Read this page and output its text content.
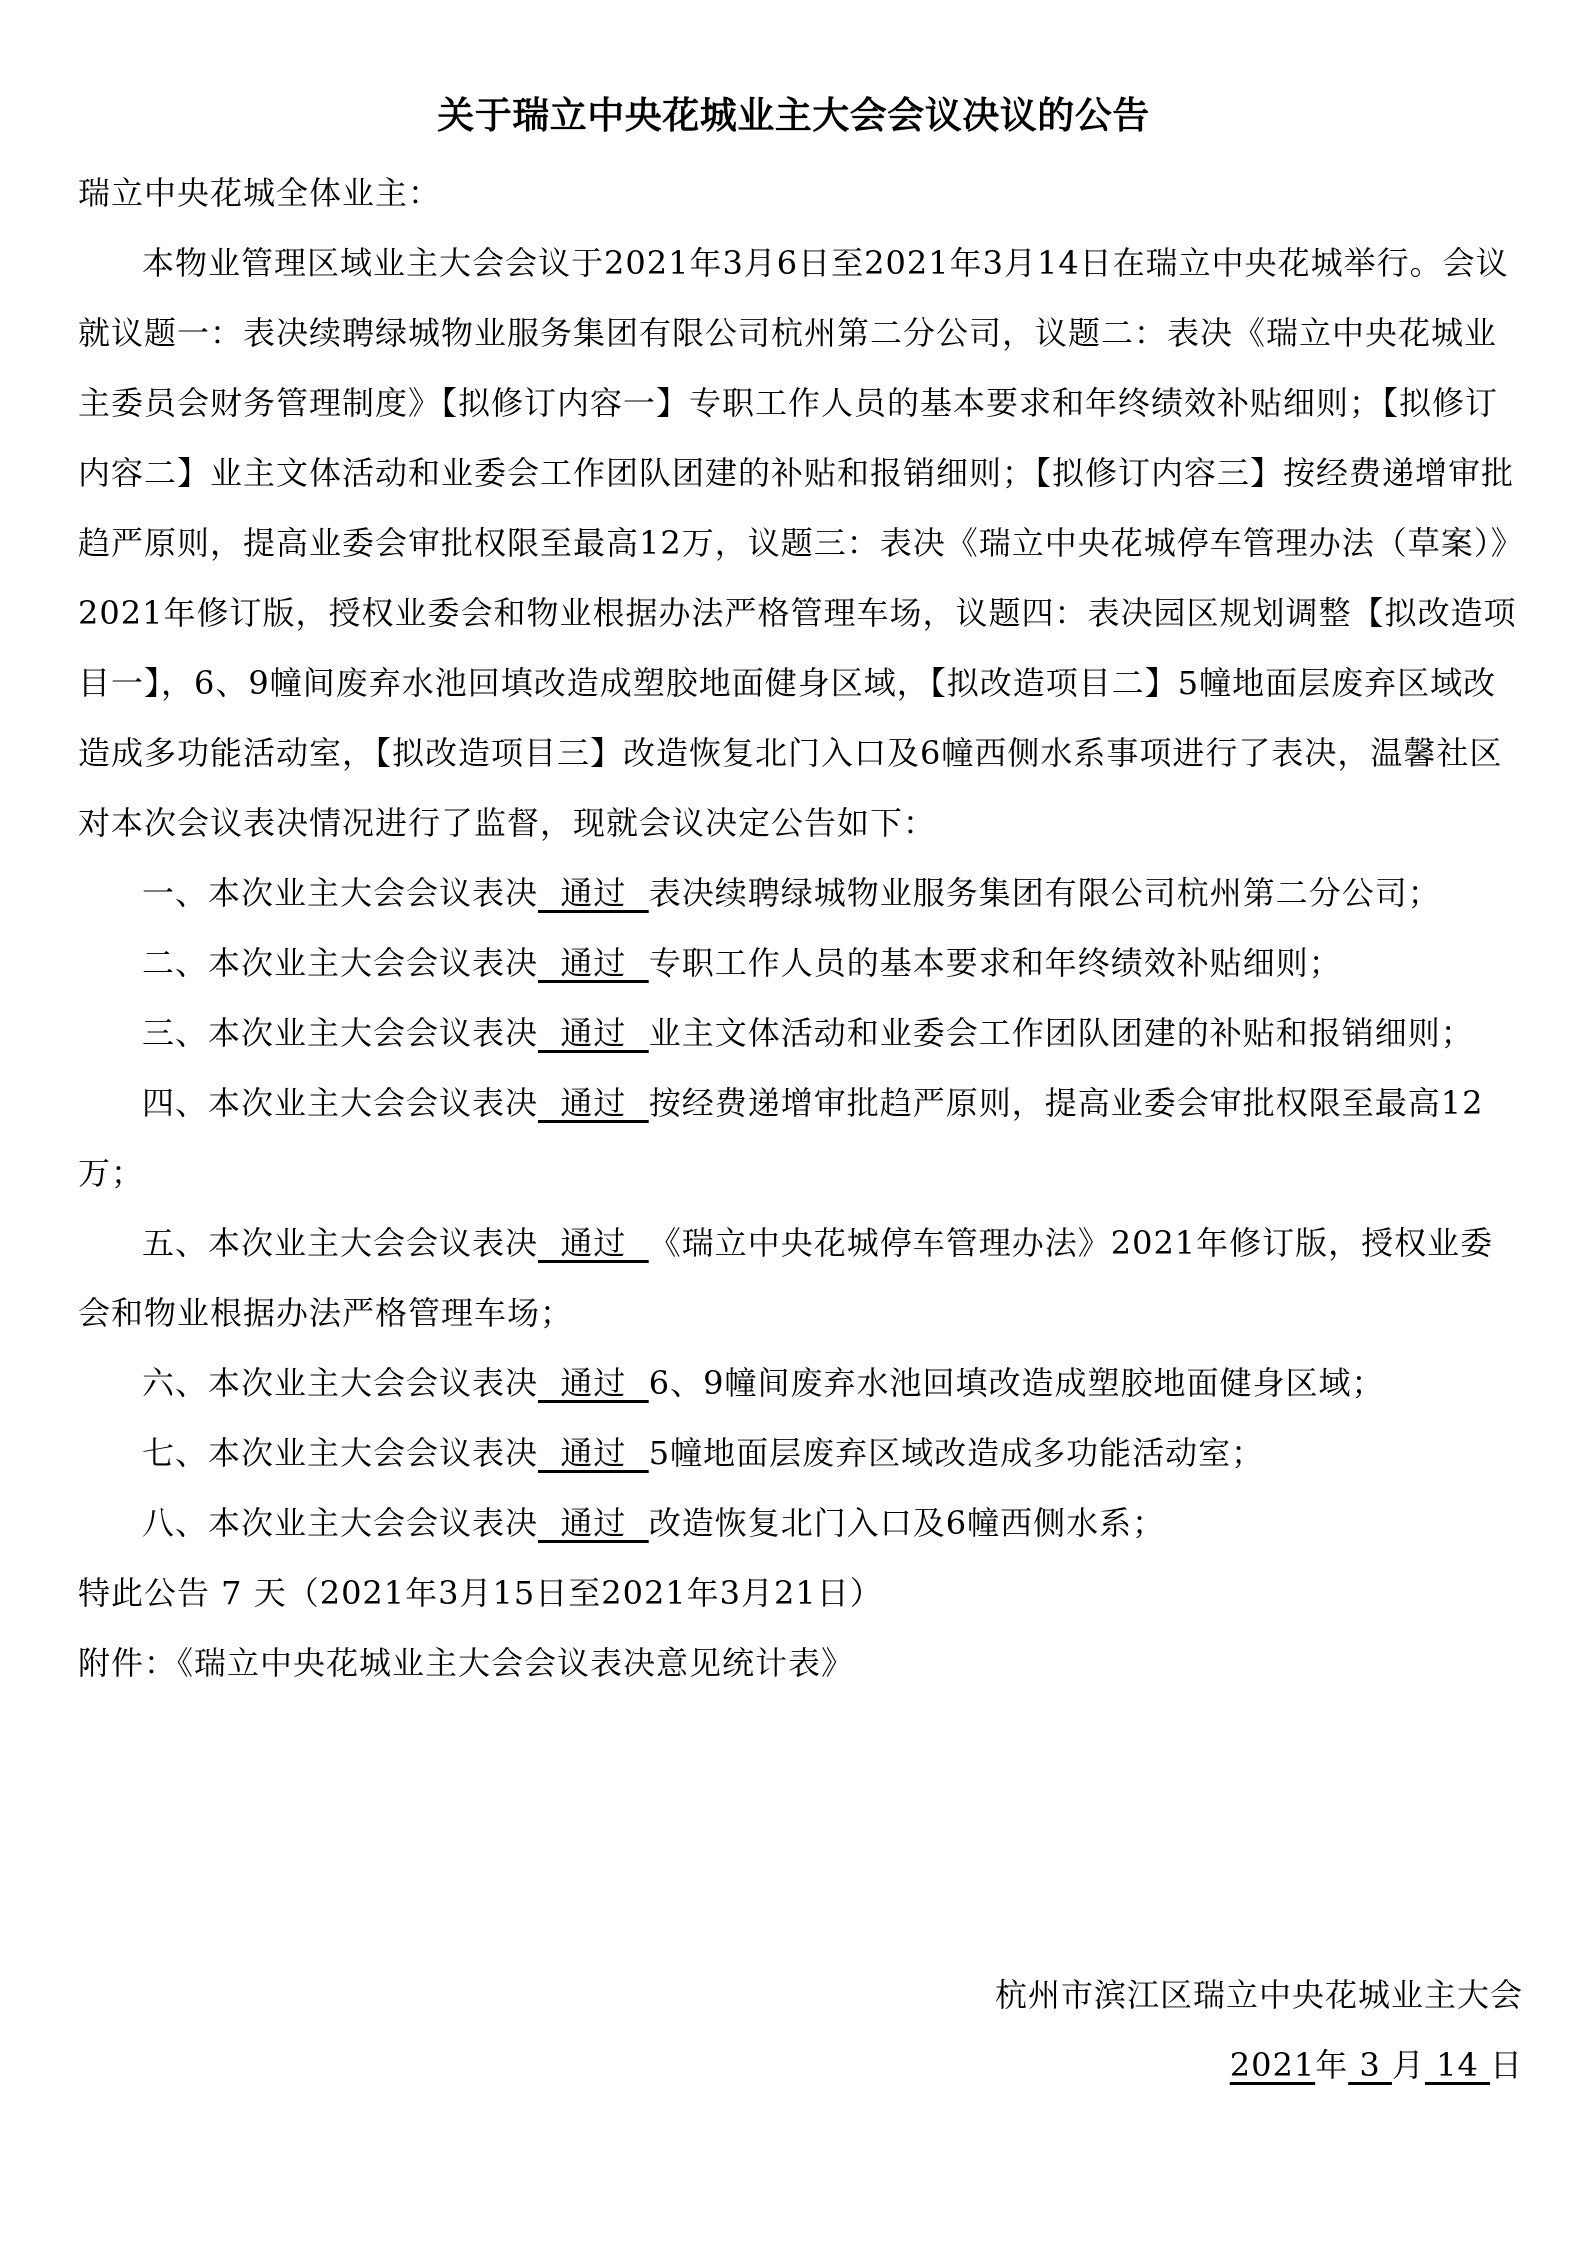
关于瑞立中央花城业主大会会议决议的公告

瑞立中央花城全体业主：

本物业管理区域业主大会会议于2021年3月6日至2021年3月14日在瑞立中央花城举行。会议就议题一：表决续聘绿城物业服务集团有限公司杭州第二分公司，议题二：表决《瑞立中央花城业主委员会财务管理制度》【拟修订内容一】专职工作人员的基本要求和年终绩效补贴细则；【拟修订内容二】业主文体活动和业委会工作团队团建的补贴和报销细则；【拟修订内容三】按经费递增审批趋严原则，提高业委会审批权限至最高12万，议题三：表决《瑞立中央花城停车管理办法（草案）》2021年修订版，授权业委会和物业根据办法严格管理车场，议题四：表决园区规划调整【拟改造项目一】，6、9幢间废弃水池回填改造成塑胶地面健身区域，【拟改造项目二】5幢地面层废弃区域改造成多功能活动室，【拟改造项目三】改造恢复北门入口及6幢西侧水系事项进行了表决，温馨社区对本次会议表决情况进行了监督，现就会议决定公告如下：

一、本次业主大会会议表决  通过  表决续聘绿城物业服务集团有限公司杭州第二分公司；

二、本次业主大会会议表决  通过  专职工作人员的基本要求和年终绩效补贴细则；

三、本次业主大会会议表决  通过  业主文体活动和业委会工作团队团建的补贴和报销细则；

四、本次业主大会会议表决  通过  按经费递增审批趋严原则，提高业委会审批权限至最高12万；

五、本次业主大会会议表决  通过  《瑞立中央花城停车管理办法》2021年修订版，授权业委会和物业根据办法严格管理车场；

六、本次业主大会会议表决  通过  6、9幢间废弃水池回填改造成塑胶地面健身区域；

七、本次业主大会会议表决  通过  5幢地面层废弃区域改造成多功能活动室；

八、本次业主大会会议表决  通过  改造恢复北门入口及6幢西侧水系；

特此公告 7 天（2021年3月15日至2021年3月21日）

附件：《瑞立中央花城业主大会会议表决意见统计表》

杭州市滨江区瑞立中央花城业主大会
2021年 3 月 14 日
